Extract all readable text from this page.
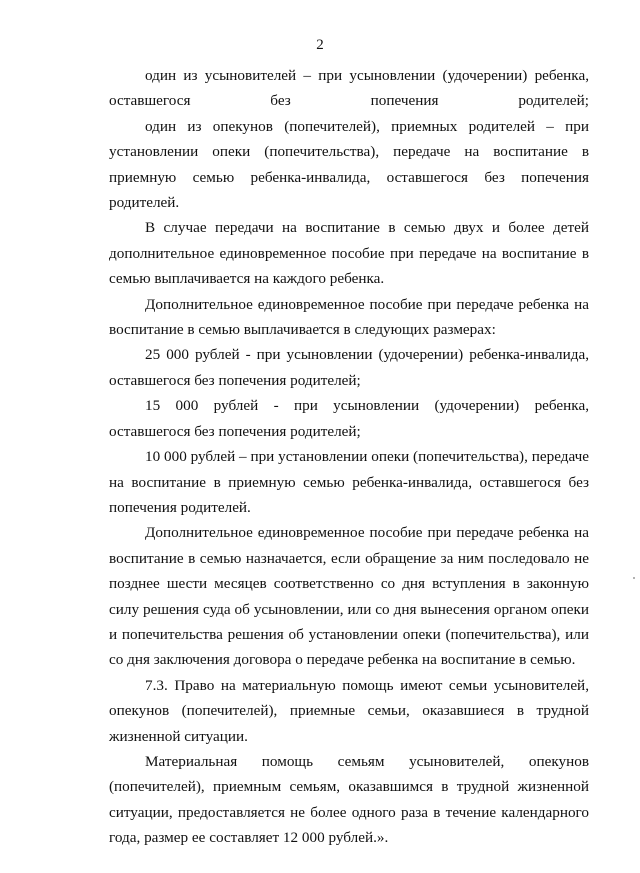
2

один из усыновителей – при усыновлении (удочерении) ребенка, оставшегося без попечения родителей;

один из опекунов (попечителей), приемных родителей – при установлении опеки (попечительства), передаче на воспитание в приемную семью ребенка-инвалида, оставшегося без попечения родителей.

В случае передачи на воспитание в семью двух и более детей дополнительное единовременное пособие при передаче на воспитание в семью выплачивается на каждого ребенка.

Дополнительное единовременное пособие при передаче ребенка на воспитание в семью выплачивается в следующих размерах:

25 000 рублей - при усыновлении (удочерении) ребенка-инвалида, оставшегося без попечения родителей;

15 000 рублей - при усыновлении (удочерении) ребенка, оставшегося без попечения родителей;

10 000 рублей – при установлении опеки (попечительства), передаче на воспитание в приемную семью ребенка-инвалида, оставшегося без попечения родителей.

Дополнительное единовременное пособие при передаче ребенка на воспитание в семью назначается, если обращение за ним последовало не позднее шести месяцев соответственно со дня вступления в законную силу решения суда об усыновлении, или со дня вынесения органом опеки и попечительства решения об установлении опеки (попечительства), или со дня заключения договора о передаче ребенка на воспитание в семью.

7.3. Право на материальную помощь имеют семьи усыновителей, опекунов (попечителей), приемные семьи, оказавшиеся в трудной жизненной ситуации.

Материальная помощь семьям усыновителей, опекунов (попечителей), приемным семьям, оказавшимся в трудной жизненной ситуации, предоставляется не более одного раза в течение календарного года, размер ее составляет 12 000 рублей.».
